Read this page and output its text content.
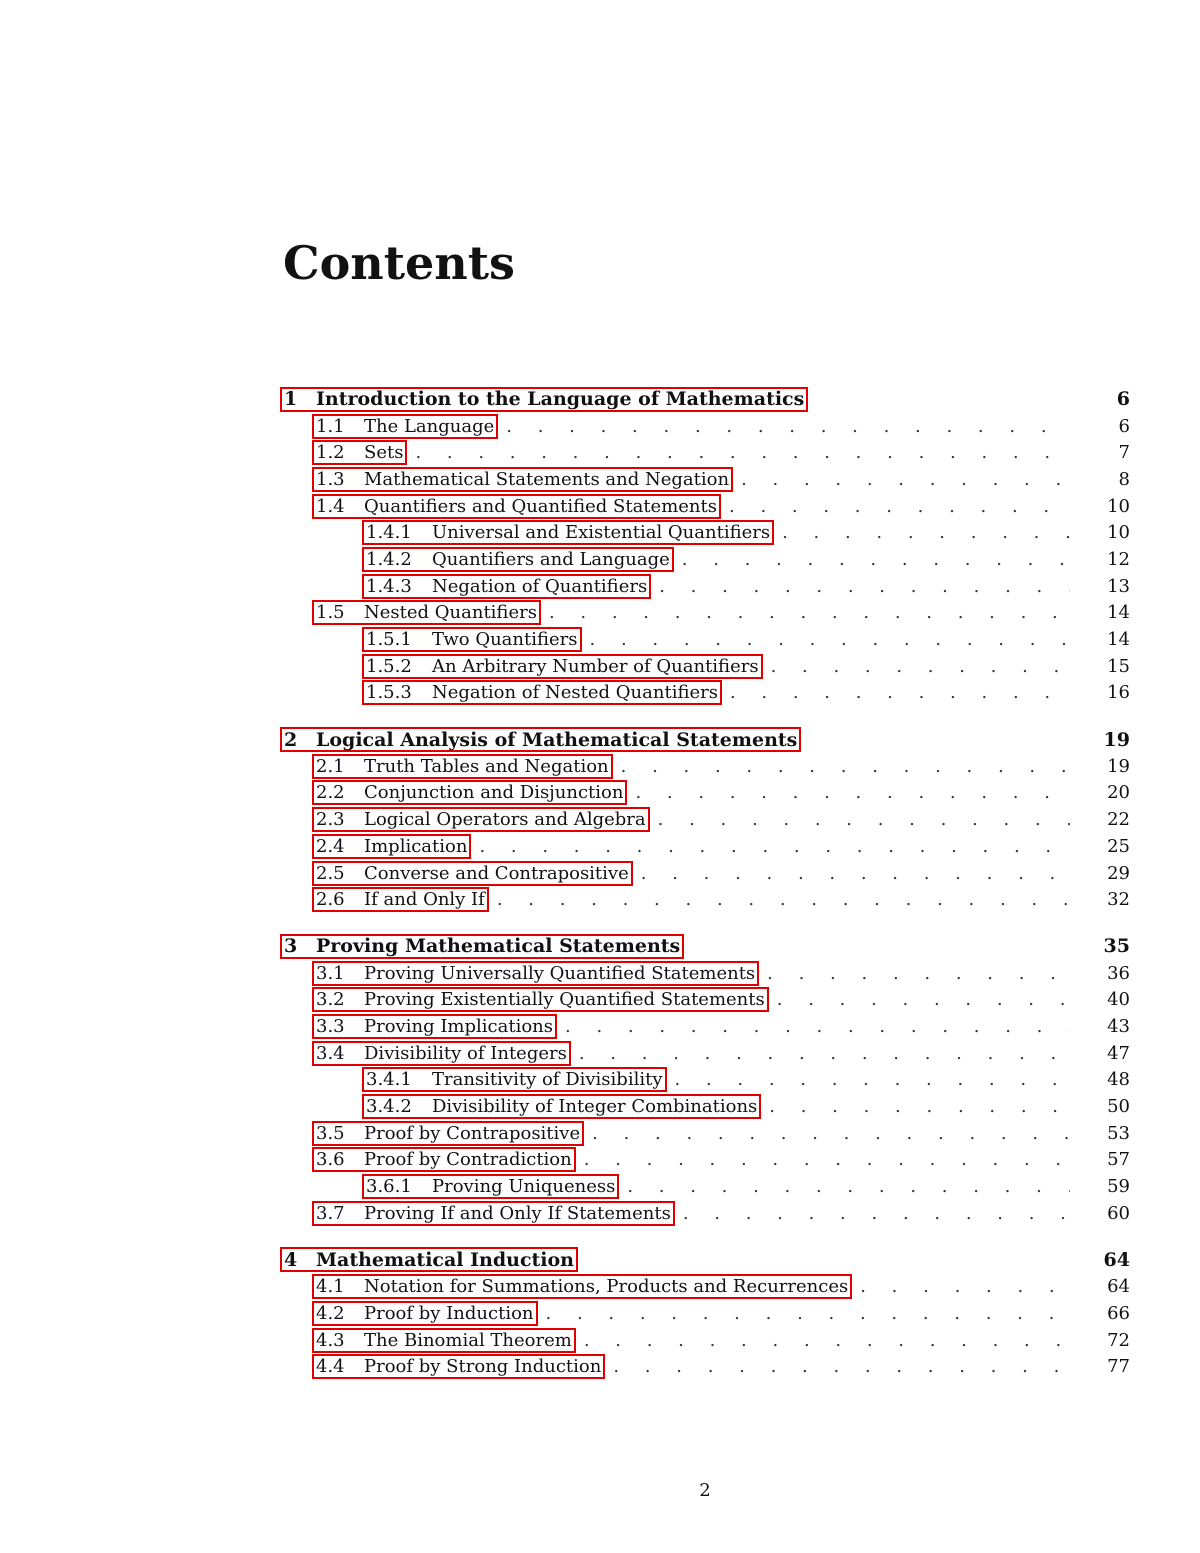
Contents
1 Introduction to the Language of Mathematics	6
1.1	The Language . . .	6
1.2	Sets . . .	7
1.3	Mathematical Statements and Negation . . .	8
1.4	Quantifiers and Quantified Statements . . .	10
1.4.1	Universal and Existential Quantifiers . . .	10
1.4.2	Quantifiers and Language . . .	12
1.4.3	Negation of Quantifiers . . .	13
1.5	Nested Quantifiers . . .	14
1.5.1	Two Quantifiers . . .	14
1.5.2	An Arbitrary Number of Quantifiers . . .	15
1.5.3	Negation of Nested Quantifiers . . .	16
2 Logical Analysis of Mathematical Statements	19
2.1	Truth Tables and Negation . . .	19
2.2	Conjunction and Disjunction . . .	20
2.3	Logical Operators and Algebra . . .	22
2.4	Implication . . .	25
2.5	Converse and Contrapositive . . .	29
2.6	If and Only If . . .	32
3 Proving Mathematical Statements	35
3.1	Proving Universally Quantified Statements . . .	36
3.2	Proving Existentially Quantified Statements . . .	40
3.3	Proving Implications . . .	43
3.4	Divisibility of Integers . . .	47
3.4.1	Transitivity of Divisibility . . .	48
3.4.2	Divisibility of Integer Combinations . . .	50
3.5	Proof by Contrapositive . . .	53
3.6	Proof by Contradiction . . .	57
3.6.1	Proving Uniqueness . . .	59
3.7	Proving If and Only If Statements . . .	60
4 Mathematical Induction	64
4.1	Notation for Summations, Products and Recurrences . . .	64
4.2	Proof by Induction . . .	66
4.3	The Binomial Theorem . . .	72
4.4	Proof by Strong Induction . . .	77
2
